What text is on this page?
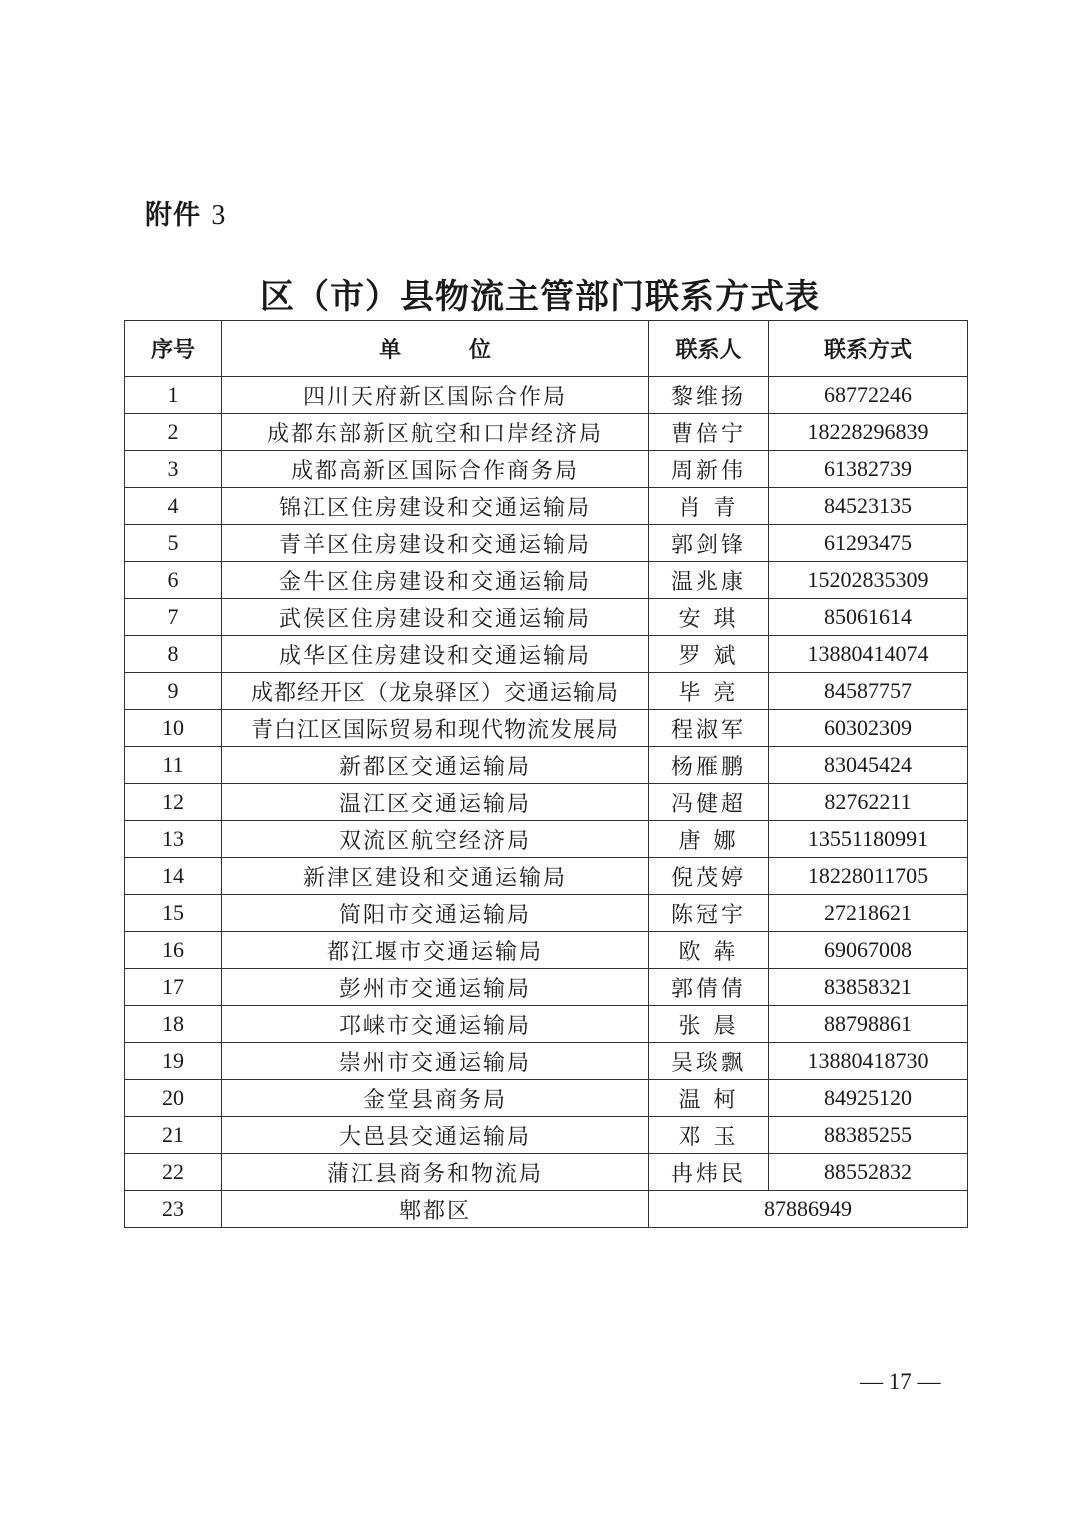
附件 3
区（市）县物流主管部门联系方式表
序号	单 位	联系人	联系方式
1	四川天府新区国际合作局	黎维扬	68772246
2	成都东部新区航空和口岸经济局	曹倍宁	18228296839
3	成都高新区国际合作商务局	周新伟	61382739
4	锦江区住房建设和交通运输局	肖 青	84523135
5	青羊区住房建设和交通运输局	郭剑锋	61293475
6	金牛区住房建设和交通运输局	温兆康	15202835309
7	武侯区住房建设和交通运输局	安 琪	85061614
8	成华区住房建设和交通运输局	罗 斌	13880414074
9	成都经开区（龙泉驿区）交通运输局	毕 亮	84587757
10	青白江区国际贸易和现代物流发展局	程淑军	60302309
11	新都区交通运输局	杨雁鹏	83045424
12	温江区交通运输局	冯健超	82762211
13	双流区航空经济局	唐 娜	13551180991
14	新津区建设和交通运输局	倪茂婷	18228011705
15	简阳市交通运输局	陈冠宇	27218621
16	都江堰市交通运输局	欧 犇	69067008
17	彭州市交通运输局	郭倩倩	83858321
18	邛崃市交通运输局	张 晨	88798861
19	崇州市交通运输局	吴琰飘	13880418730
20	金堂县商务局	温 柯	84925120
21	大邑县交通运输局	邓 玉	88385255
22	蒲江县商务和物流局	冉炜民	88552832
23	郫都区	87886949	
— 17 —
